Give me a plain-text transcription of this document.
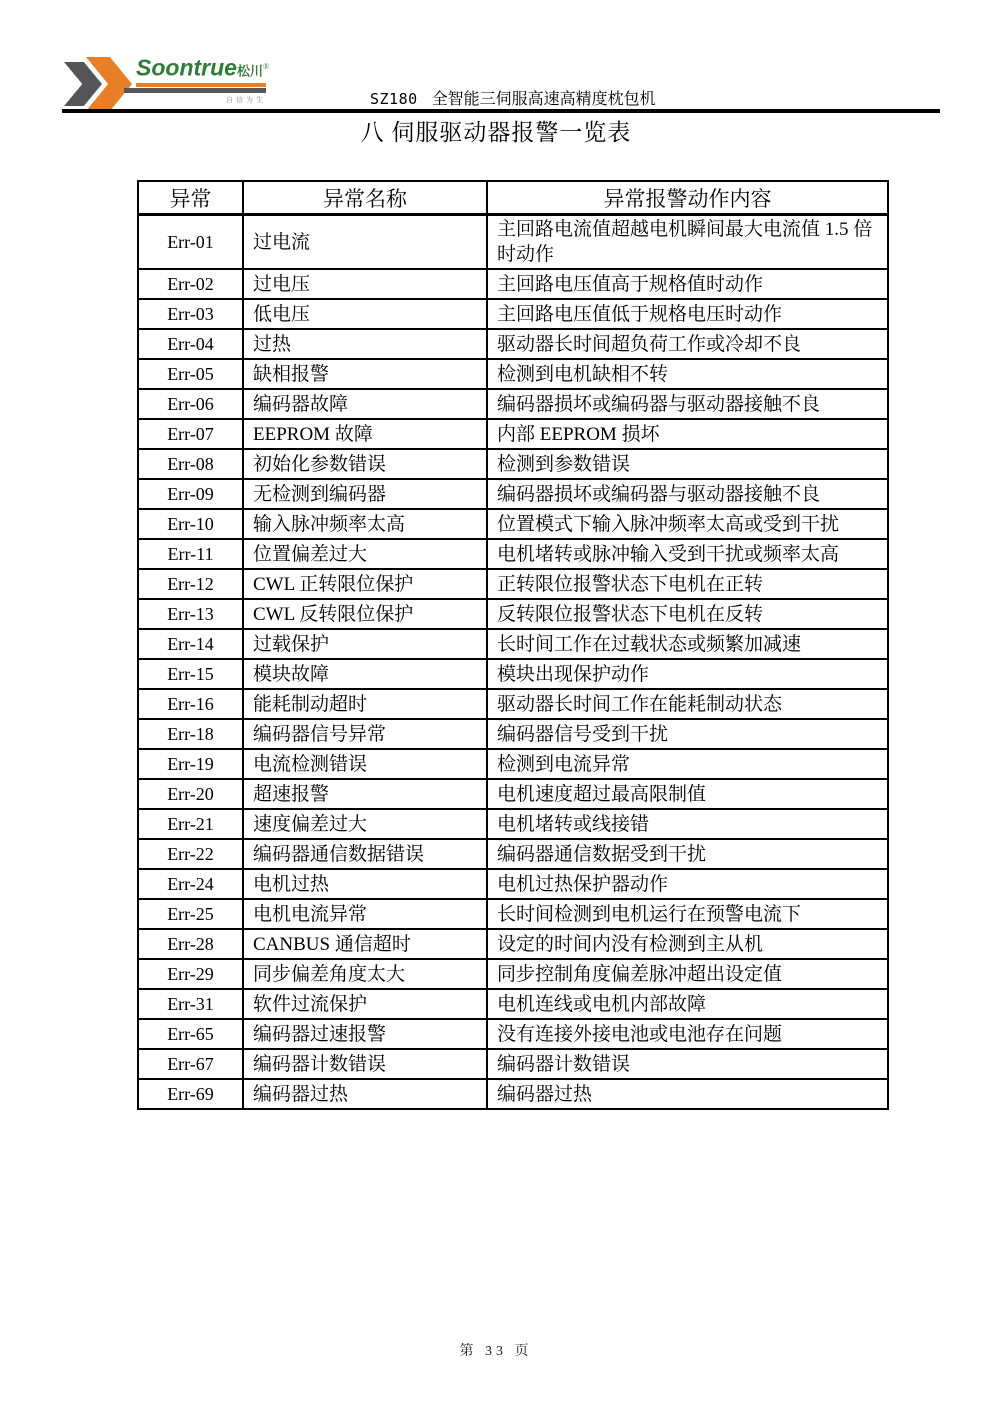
Soontrue松川®
自信为生	SZ180 全智能三伺服高速高精度枕包机
八 伺服驱动器报警一览表
异常	异常名称	异常报警动作内容
Err-01	过电流	主回路电流值超越电机瞬间最大电流值 1.5 倍时动作
Err-02	过电压	主回路电压值高于规格值时动作
Err-03	低电压	主回路电压值低于规格电压时动作
Err-04	过热	驱动器长时间超负荷工作或冷却不良
Err-05	缺相报警	检测到电机缺相不转
Err-06	编码器故障	编码器损坏或编码器与驱动器接触不良
Err-07	EEPROM 故障	内部 EEPROM 损坏
Err-08	初始化参数错误	检测到参数错误
Err-09	无检测到编码器	编码器损坏或编码器与驱动器接触不良
Err-10	输入脉冲频率太高	位置模式下输入脉冲频率太高或受到干扰
Err-11	位置偏差过大	电机堵转或脉冲输入受到干扰或频率太高
Err-12	CWL 正转限位保护	正转限位报警状态下电机在正转
Err-13	CWL 反转限位保护	反转限位报警状态下电机在反转
Err-14	过载保护	长时间工作在过载状态或频繁加减速
Err-15	模块故障	模块出现保护动作
Err-16	能耗制动超时	驱动器长时间工作在能耗制动状态
Err-18	编码器信号异常	编码器信号受到干扰
Err-19	电流检测错误	检测到电流异常
Err-20	超速报警	电机速度超过最高限制值
Err-21	速度偏差过大	电机堵转或线接错
Err-22	编码器通信数据错误	编码器通信数据受到干扰
Err-24	电机过热	电机过热保护器动作
Err-25	电机电流异常	长时间检测到电机运行在预警电流下
Err-28	CANBUS 通信超时	设定的时间内没有检测到主从机
Err-29	同步偏差角度太大	同步控制角度偏差脉冲超出设定值
Err-31	软件过流保护	电机连线或电机内部故障
Err-65	编码器过速报警	没有连接外接电池或电池存在问题
Err-67	编码器计数错误	编码器计数错误
Err-69	编码器过热	编码器过热
第 33 页
